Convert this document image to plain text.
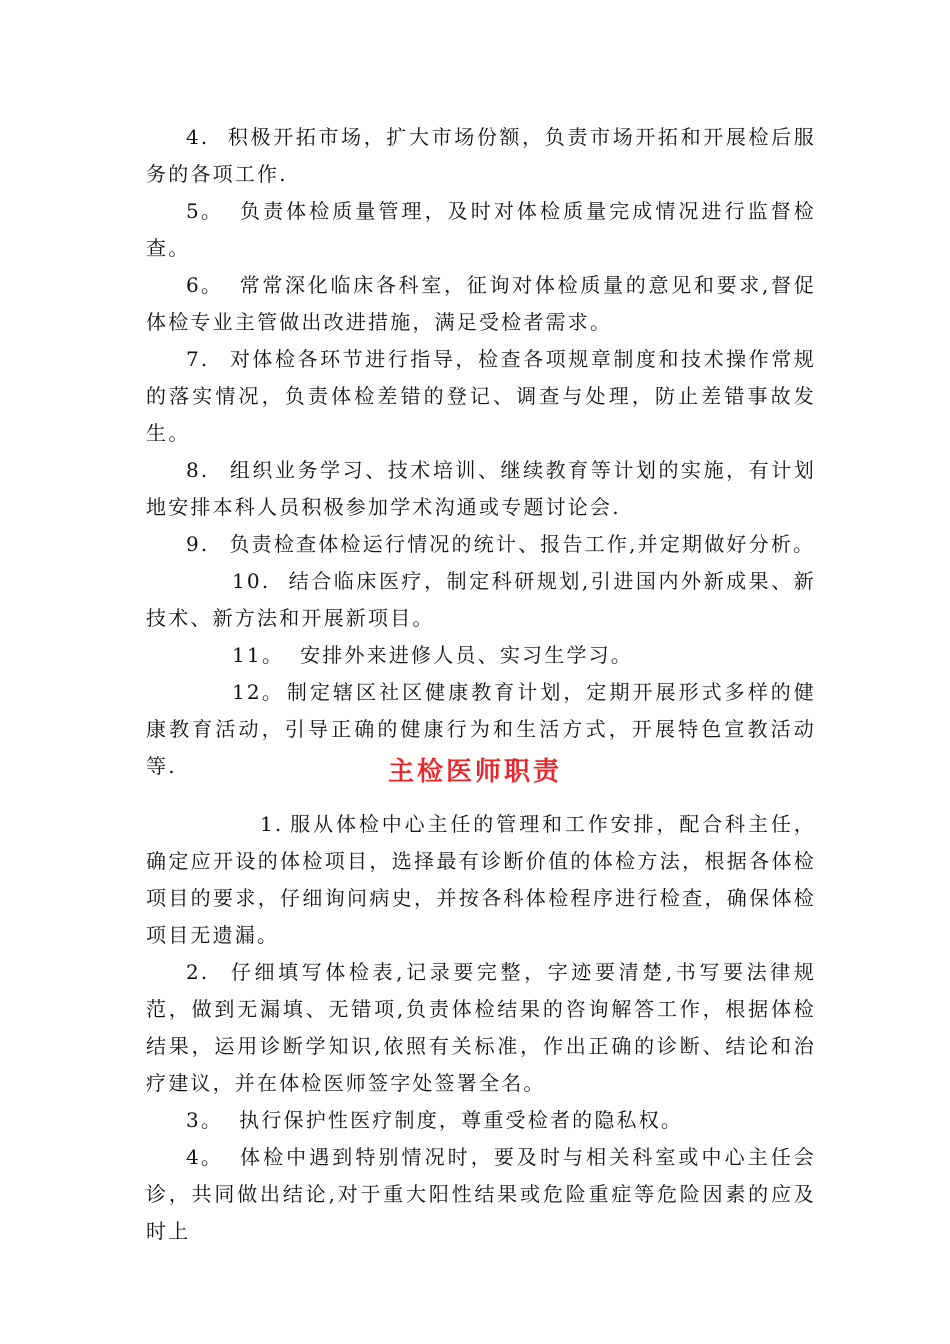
4. 积极开拓市场，扩大市场份额，负责市场开拓和开展检后服务的各项工作.

5。 负责体检质量管理，及时对体检质量完成情况进行监督检查。

6。 常常深化临床各科室，征询对体检质量的意见和要求,督促体检专业主管做出改进措施，满足受检者需求。

7. 对体检各环节进行指导，检查各项规章制度和技术操作常规的落实情况，负责体检差错的登记、调查与处理，防止差错事故发生。

8. 组织业务学习、技术培训、继续教育等计划的实施，有计划地安排本科人员积极参加学术沟通或专题讨论会.

9. 负责检查体检运行情况的统计、报告工作,并定期做好分析。

10. 结合临床医疗，制定科研规划,引进国内外新成果、新技术、新方法和开展新项目。

11。 安排外来进修人员、实习生学习。

12。 制定辖区社区健康教育计划，定期开展形式多样的健康教育活动，引导正确的健康行为和生活方式，开展特色宣教活动等.	主检医师职责

1. 服从体检中心主任的管理和工作安排，配合科主任，确定应开设的体检项目，选择最有诊断价值的体检方法，根据各体检项目的要求，仔细询问病史，并按各科体检程序进行检查，确保体检项目无遗漏。

2. 仔细填写体检表,记录要完整，字迹要清楚,书写要法律规范，做到无漏填、无错项,负责体检结果的咨询解答工作，根据体检结果，运用诊断学知识,依照有关标准，作出正确的诊断、结论和治疗建议，并在体检医师签字处签署全名。

3。 执行保护性医疗制度，尊重受检者的隐私权。

4。 体检中遇到特别情况时，要及时与相关科室或中心主任会诊，共同做出结论,对于重大阳性结果或危险重症等危险因素的应及时上
